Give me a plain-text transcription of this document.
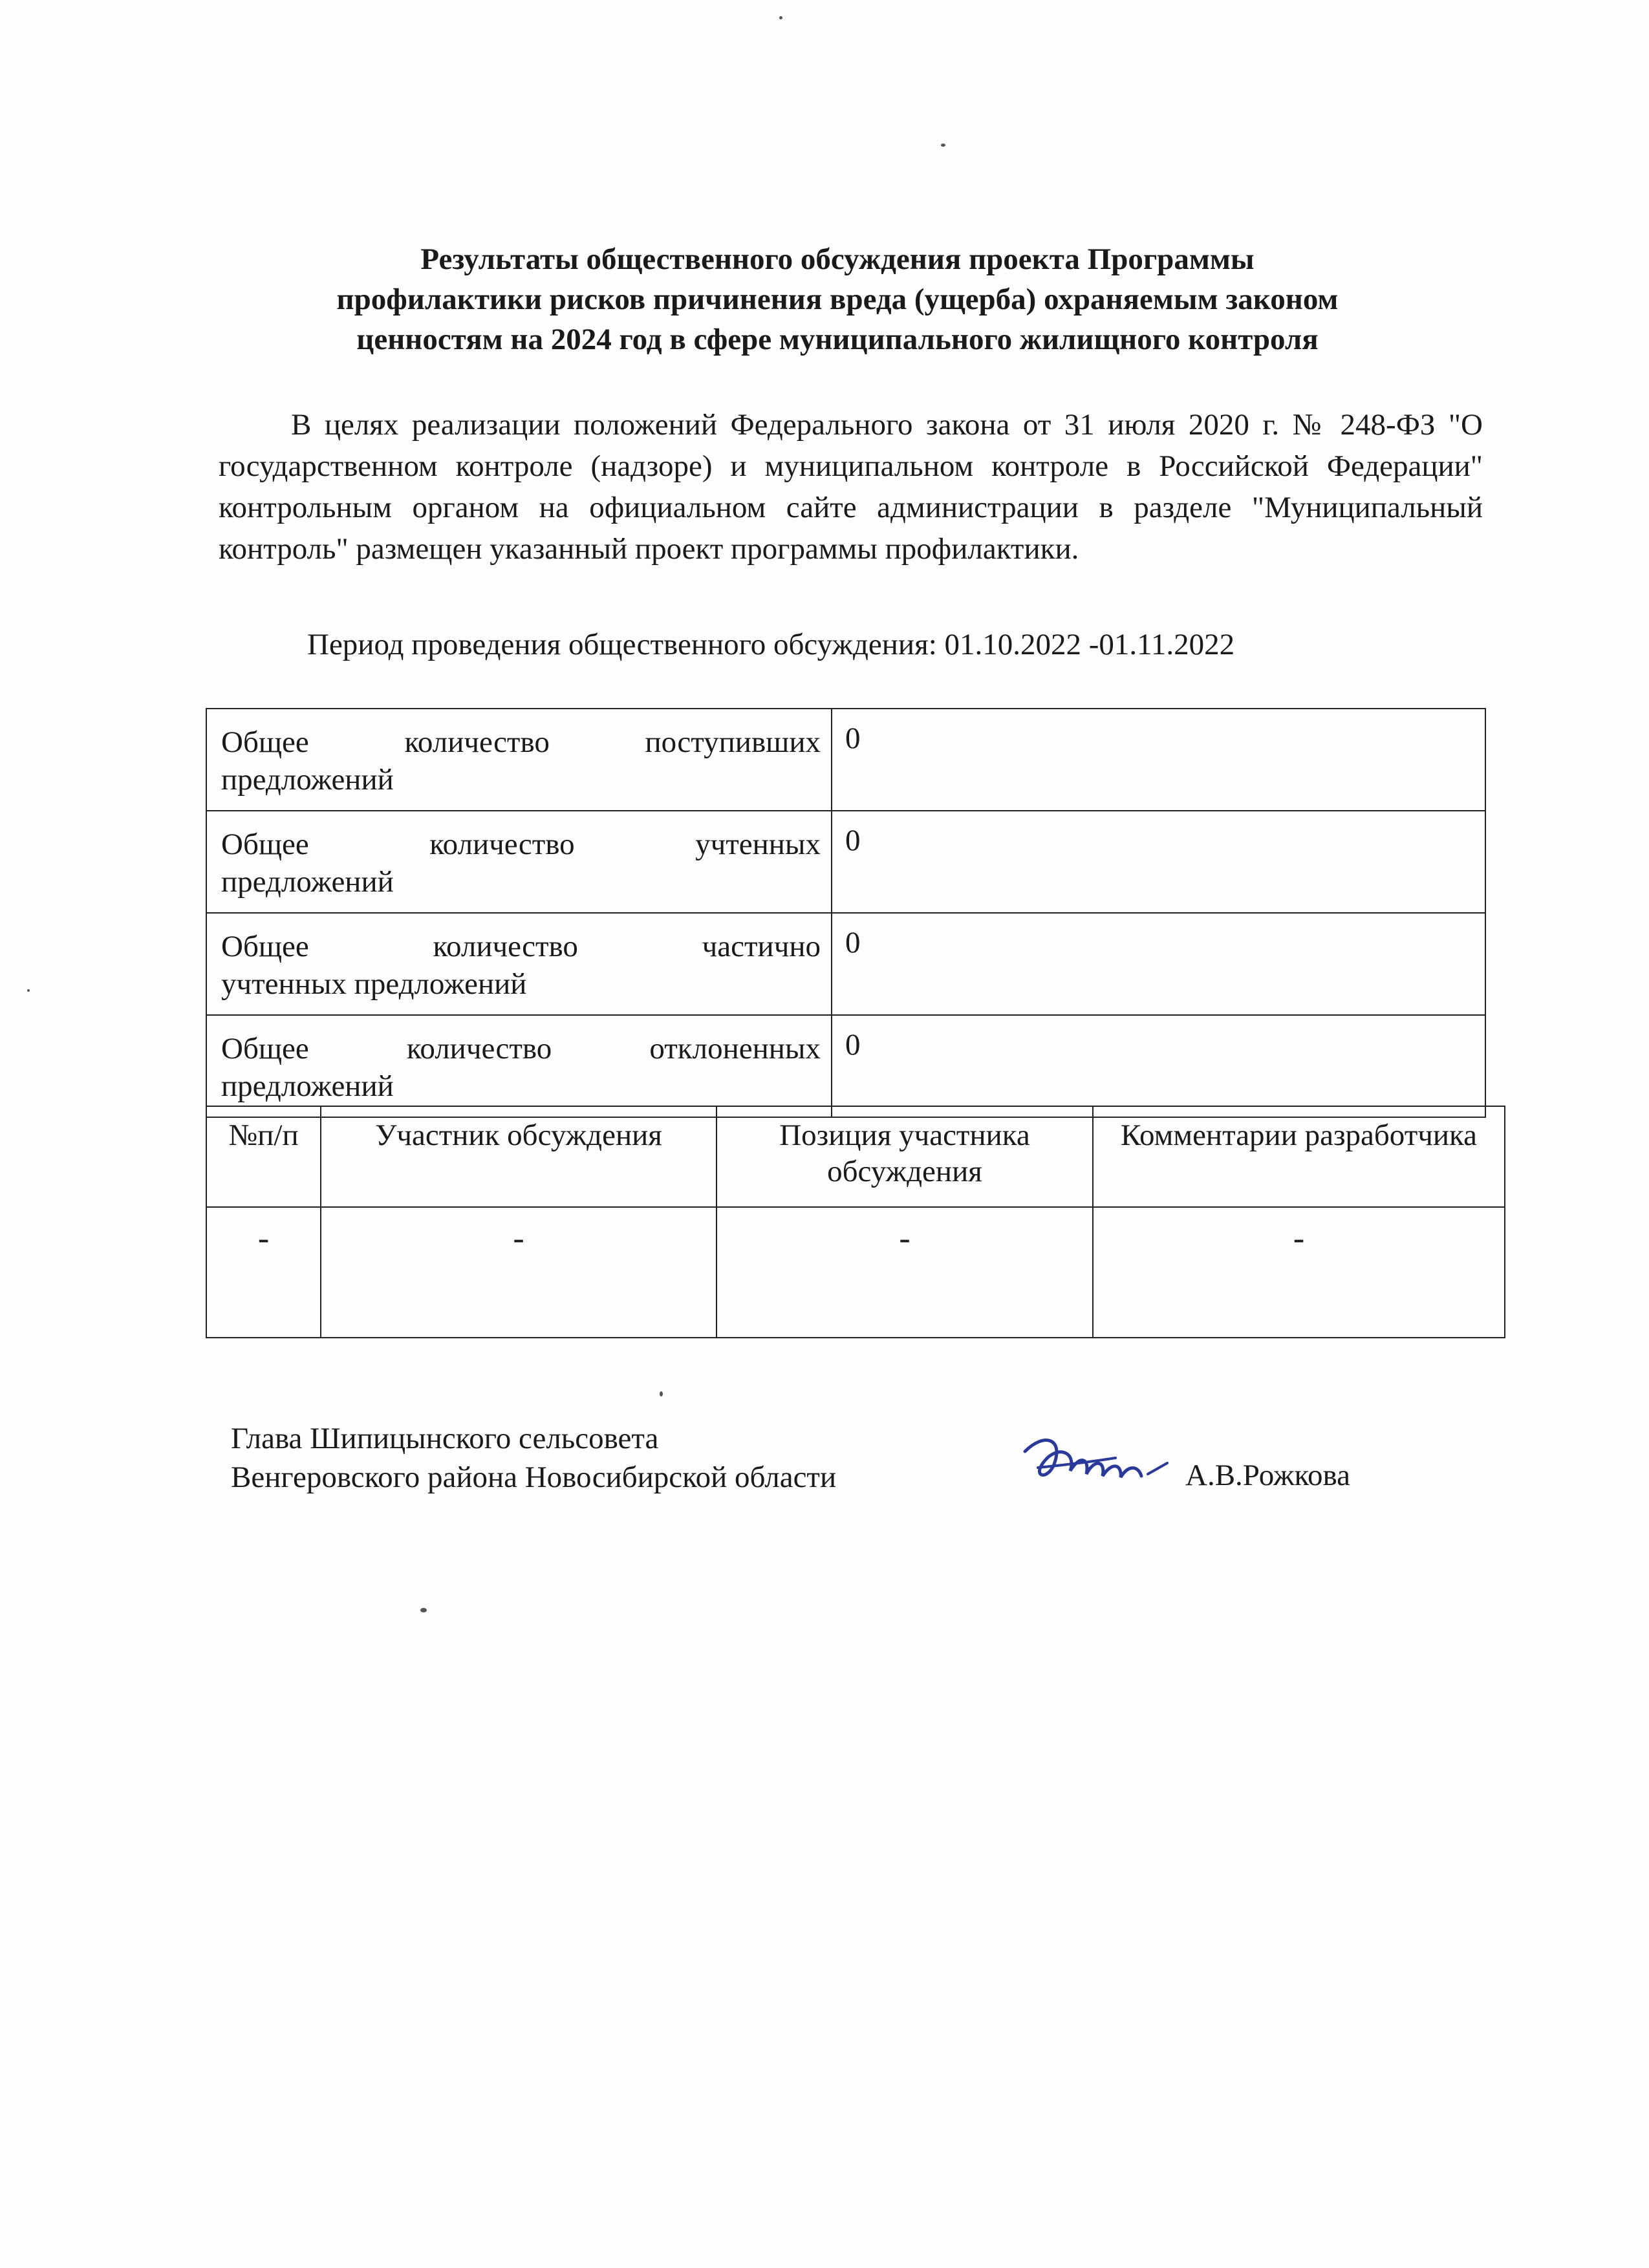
Результаты общественного обсуждения проекта Программы
профилактики рисков причинения вреда (ущерба) охраняемым законом
ценностям на 2024 год в сфере муниципального жилищного контроля

В целях реализации положений Федерального закона от 31 июля 2020 г. № 248-ФЗ "О государственном контроле (надзоре) и муниципальном контроле в Российской Федерации" контрольным органом на официальном сайте администрации в разделе "Муниципальный контроль" размещен указанный проект программы профилактики.

Период проведения общественного обсуждения: 01.10.2022 -01.11.2022
Общее количество поступивших
предложений	0

Общее количество учтенных
предложений	0

Общее количество частично
учтенных предложений	0

Общее количество отклоненных
предложений	0
№п/п	Участник обсуждения	Позиция участника обсуждения	Комментарии разработчика
-	-	-	-
Глава Шипицынского сельсовета
Венгеровского района Новосибирской области	А.В.Рожкова
